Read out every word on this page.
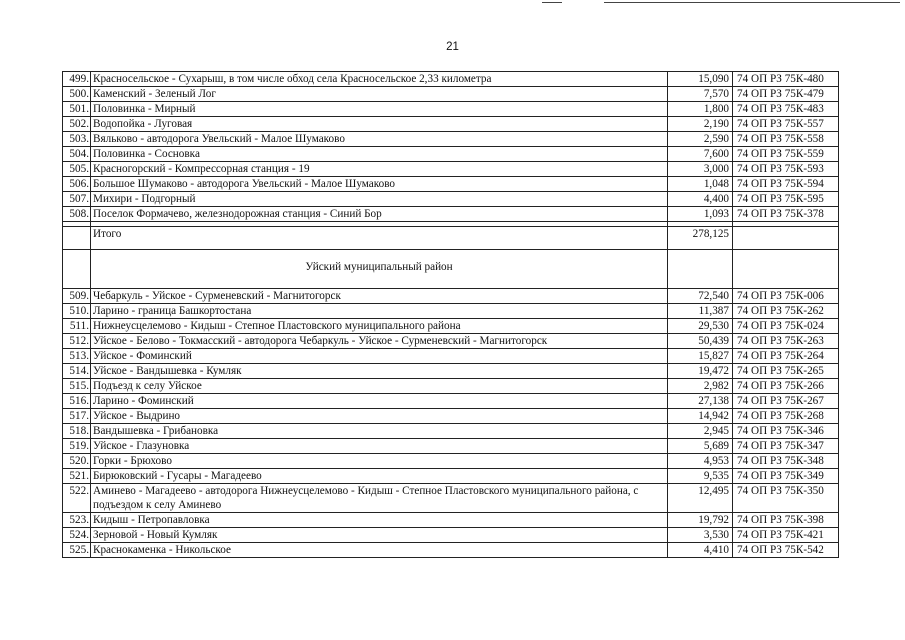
21
499.	Красносельское - Сухарыш, в том числе обход села Красносельское 2,33 километра	15,090	74 ОП РЗ 75К-480
500.	Каменский - Зеленый Лог	7,570	74 ОП РЗ 75К-479
501.	Половинка - Мирный	1,800	74 ОП РЗ 75К-483
502.	Водопойка - Луговая	2,190	74 ОП РЗ 75К-557
503.	Вяльково - автодорога Увельский - Малое Шумаково	2,590	74 ОП РЗ 75К-558
504.	Половинка - Сосновка	7,600	74 ОП РЗ 75К-559
505.	Красногорский - Компрессорная станция - 19	3,000	74 ОП РЗ 75К-593
506.	Большое Шумаково - автодорога Увельский - Малое Шумаково	1,048	74 ОП РЗ 75К-594
507.	Михири - Подгорный	4,400	74 ОП РЗ 75К-595
508.	Поселок Формачево, железнодорожная станция - Синий Бор	1,093	74 ОП РЗ 75К-378

	Итого	278,125	
	Уйский муниципальный район		
509.	Чебаркуль - Уйское - Сурменевский - Магнитогорск	72,540	74 ОП РЗ 75К-006
510.	Ларино - граница Башкортостана	11,387	74 ОП РЗ 75К-262
511.	Нижнеусцелемово - Кидыш - Степное Пластовского муниципального района	29,530	74 ОП РЗ 75К-024
512.	Уйское - Белово - Токмасский - автодорога Чебаркуль - Уйское - Сурменевский - Магнитогорск	50,439	74 ОП РЗ 75К-263
513.	Уйское - Фоминский	15,827	74 ОП РЗ 75К-264
514.	Уйское - Вандышевка - Кумляк	19,472	74 ОП РЗ 75К-265
515.	Подъезд к селу Уйское	2,982	74 ОП РЗ 75К-266
516.	Ларино - Фоминский	27,138	74 ОП РЗ 75К-267
517.	Уйское - Выдрино	14,942	74 ОП РЗ 75К-268
518.	Вандышевка - Грибановка	2,945	74 ОП РЗ 75К-346
519.	Уйское - Глазуновка	5,689	74 ОП РЗ 75К-347
520.	Горки - Брюхово	4,953	74 ОП РЗ 75К-348
521.	Бирюковский - Гусары - Магадеево	9,535	74 ОП РЗ 75К-349
522.	Аминево - Магадеево - автодорога Нижнеусцелемово - Кидыш - Степное Пластовского муниципального района, с подъездом к селу Аминево	12,495	74 ОП РЗ 75К-350
523.	Кидыш - Петропавловка	19,792	74 ОП РЗ 75К-398
524.	Зерновой - Новый Кумляк	3,530	74 ОП РЗ 75К-421
525.	Краснокаменка - Никольское	4,410	74 ОП РЗ 75К-542
